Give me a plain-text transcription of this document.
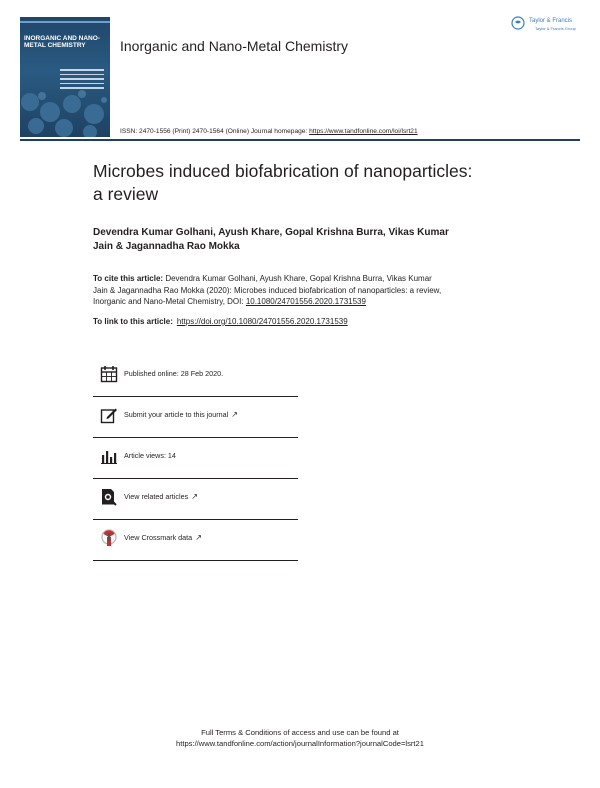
INORGANIC AND NANO-METAL CHEMISTRY	Inorganic and Nano-Metal Chemistry
Taylor & Francis
Taylor & Francis Group
ISSN: 2470-1556 (Print) 2470-1564 (Online) Journal homepage: https://www.tandfonline.com/loi/lsrt21
Microbes induced biofabrication of nanoparticles:
a review
Devendra Kumar Golhani, Ayush Khare, Gopal Krishna Burra, Vikas Kumar
Jain & Jagannadha Rao Mokka
To cite this article: Devendra Kumar Golhani, Ayush Khare, Gopal Krishna Burra, Vikas Kumar
Jain & Jagannadha Rao Mokka (2020): Microbes induced biofabrication of nanoparticles: a review,
Inorganic and Nano-Metal Chemistry, DOI: 10.1080/24701556.2020.1731539
To link to this article: https://doi.org/10.1080/24701556.2020.1731539
Published online: 28 Feb 2020.
Submit your article to this journal ↗
Article views: 14
View related articles ↗
View Crossmark data ↗
Full Terms & Conditions of access and use can be found at
https://www.tandfonline.com/action/journalInformation?journalCode=lsrt21
